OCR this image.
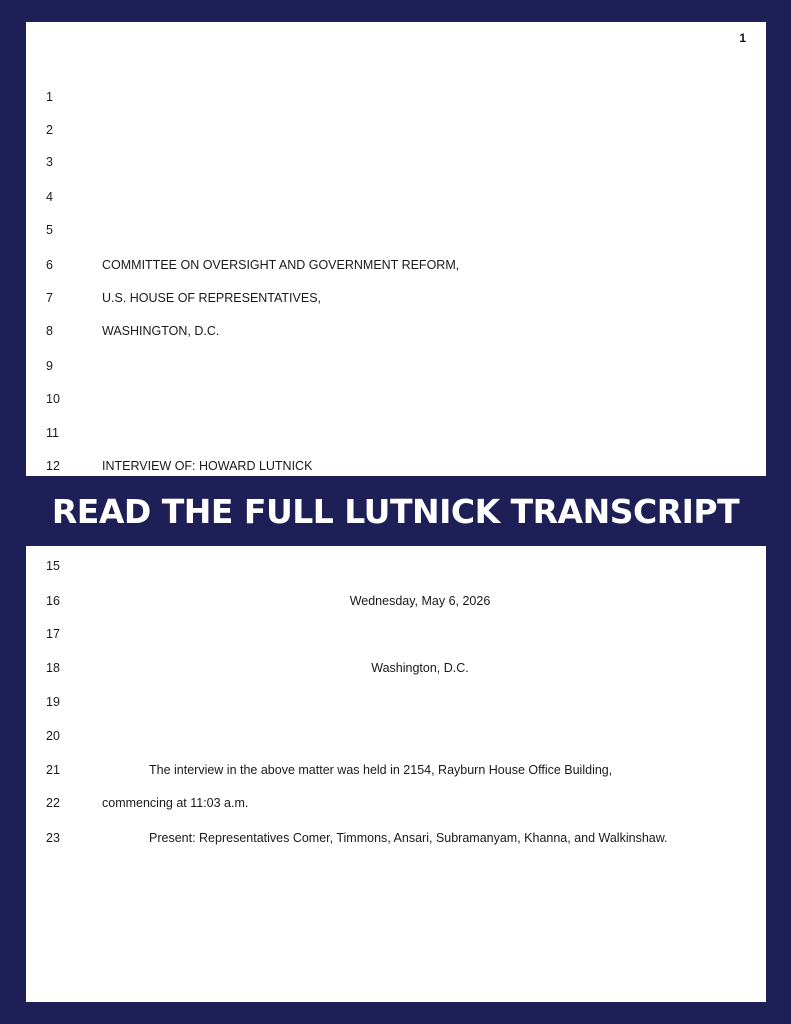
1
1
2
3
4
5
6	COMMITTEE ON OVERSIGHT AND GOVERNMENT REFORM,
7	U.S. HOUSE OF REPRESENTATIVES,
8	WASHINGTON, D.C.
9
10
11
12	INTERVIEW OF: HOWARD LUTNICK
READ THE FULL LUTNICK TRANSCRIPT
15
16	Wednesday, May 6, 2026
17
18	Washington, D.C.
19
20
21	The interview in the above matter was held in 2154, Rayburn House Office Building,
22	commencing at 11:03 a.m.
23	Present: Representatives Comer, Timmons, Ansari, Subramanyam, Khanna, and Walkinshaw.
